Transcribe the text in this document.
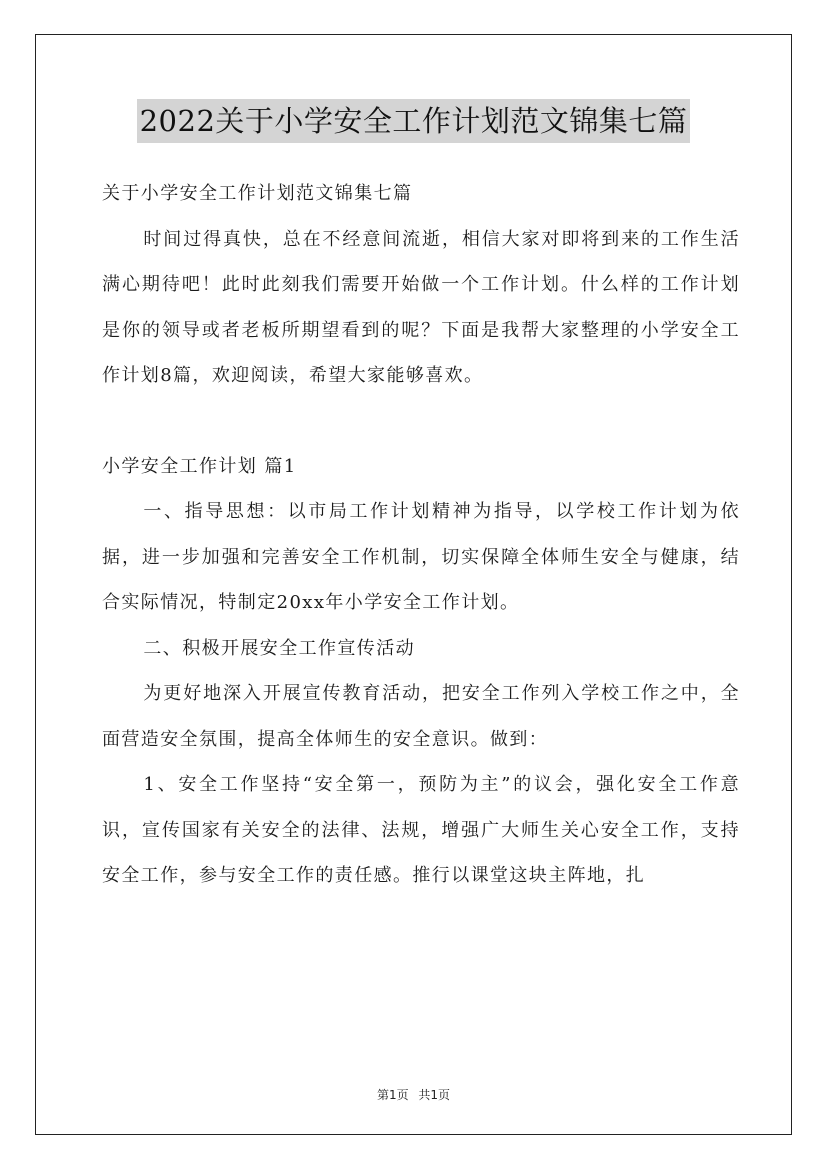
2022关于小学安全工作计划范文锦集七篇

关于小学安全工作计划范文锦集七篇

时间过得真快，总在不经意间流逝，相信大家对即将到来的工作生活满心期待吧！此时此刻我们需要开始做一个工作计划。什么样的工作计划是你的领导或者老板所期望看到的呢？下面是我帮大家整理的小学安全工作计划8篇，欢迎阅读，希望大家能够喜欢。

小学安全工作计划 篇1

一、指导思想：以市局工作计划精神为指导，以学校工作计划为依据，进一步加强和完善安全工作机制，切实保障全体师生安全与健康，结合实际情况，特制定20xx年小学安全工作计划。

二、积极开展安全工作宣传活动

为更好地深入开展宣传教育活动，把安全工作列入学校工作之中，全面营造安全氛围，提高全体师生的安全意识。做到：

1、安全工作坚持“安全第一，预防为主”的议会，强化安全工作意识，宣传国家有关安全的法律、法规，增强广大师生关心安全工作，支持安全工作，参与安全工作的责任感。推行以课堂这块主阵地，扎

第1页 共1页
